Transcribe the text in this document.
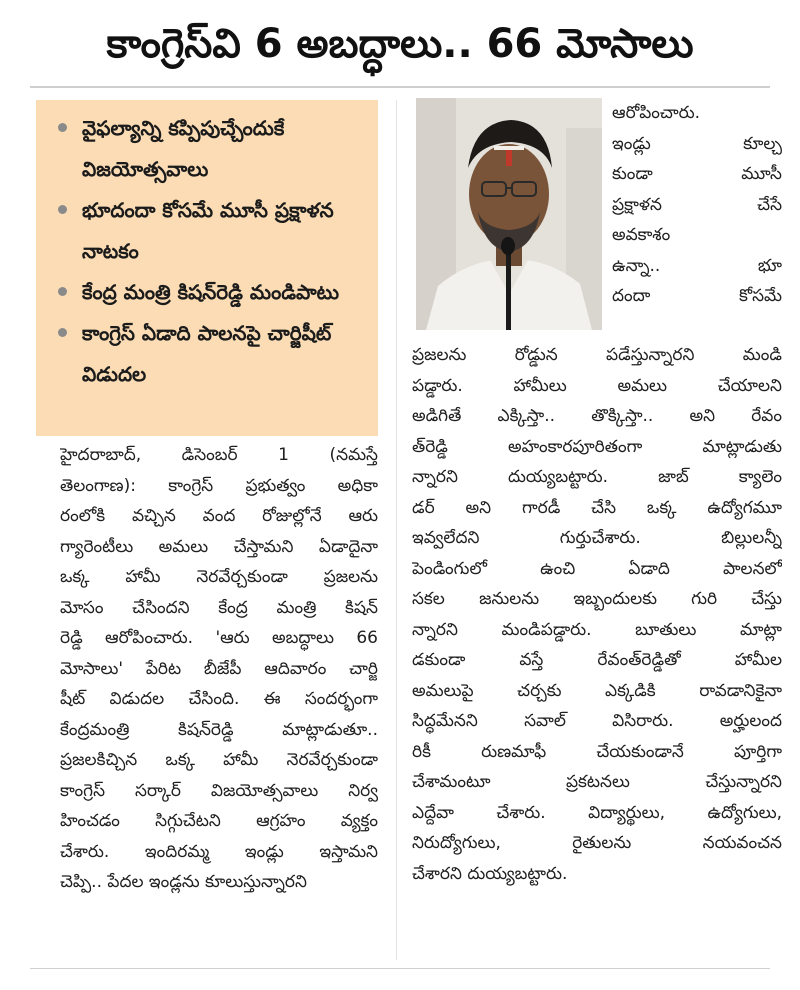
కాంగ్రెస్‌వి 6 అబద్ధాలు.. 66 మోసాలు
వైఫల్యాన్ని కప్పిపుచ్చేందుకే విజయోత్సవాలు
భూదందా కోసమే మూసీ ప్రక్షాళన నాటకం
కేంద్ర మంత్రి కిషన్‌రెడ్డి మండిపాటు
కాంగ్రెస్ ఏడాది పాలనపై చార్జిషీట్ విడుదల
హైదరాబాద్, డిసెంబర్ 1 (నమస్తే
తెలంగాణ): కాంగ్రెస్ ప్రభుత్వం అధికా
రంలోకి వచ్చిన వంద రోజుల్లోనే ఆరు
గ్యారెంటీలు అమలు చేస్తామని ఏడాదైనా
ఒక్క హామీ నెరవేర్చకుండా ప్రజలను
మోసం చేసిందని కేంద్ర మంత్రి కిషన్
రెడ్డి ఆరోపించారు. 'ఆరు అబద్ధాలు 66
మోసాలు' పేరిట బీజేపీ ఆదివారం చార్జి
షీట్ విడుదల చేసింది. ఈ సందర్భంగా
కేంద్రమంత్రి కిషన్‌రెడ్డి మాట్లాడుతూ..
ప్రజలకిచ్చిన ఒక్క హామీ నెరవేర్చకుండా
కాంగ్రెస్ సర్కార్ విజయోత్సవాలు నిర్వ
హించడం సిగ్గుచేటని ఆగ్రహం వ్యక్తం
చేశారు. ఇందిరమ్మ ఇండ్లు ఇస్తామని
చెప్పి.. పేదల ఇండ్లను కూలుస్తున్నారని
ఆరోపించారు.
ఇండ్లు కూల్చ
కుండా మూసీ
ప్రక్షాళన చేసే
అవకాశం
ఉన్నా.. భూ
దందా కోసమే
ప్రజలను రోడ్డున పడేస్తున్నారని మండి
పడ్డారు. హామీలు అమలు చేయాలని
అడిగితే ఎక్కిస్తా.. తొక్కిస్తా.. అని రేవం
త్‌రెడ్డి అహంకారపూరితంగా మాట్లాడుతు
న్నారని దుయ్యబట్టారు. జాబ్ క్యాలెం
డర్ అని గారడీ చేసి ఒక్క ఉద్యోగమూ
ఇవ్వలేదని గుర్తుచేశారు. బిల్లులన్నీ
పెండింగులో ఉంచి ఏడాది పాలనలో
సకల జనులను ఇబ్బందులకు గురి చేస్తు
న్నారని మండిపడ్డారు. బూతులు మాట్లా
డకుండా వస్తే రేవంత్‌రెడ్డితో హామీల
అమలుపై చర్చకు ఎక్కడికి రావడానికైనా
సిద్ధమేనని సవాల్ విసిరారు. అర్హులంద
రికీ రుణమాఫీ చేయకుండానే పూర్తిగా
చేశామంటూ ప్రకటనలు చేస్తున్నారని
ఎద్దేవా చేశారు. విద్యార్థులు, ఉద్యోగులు,
నిరుద్యోగులు, రైతులను నయవంచన
చేశారని దుయ్యబట్టారు.
